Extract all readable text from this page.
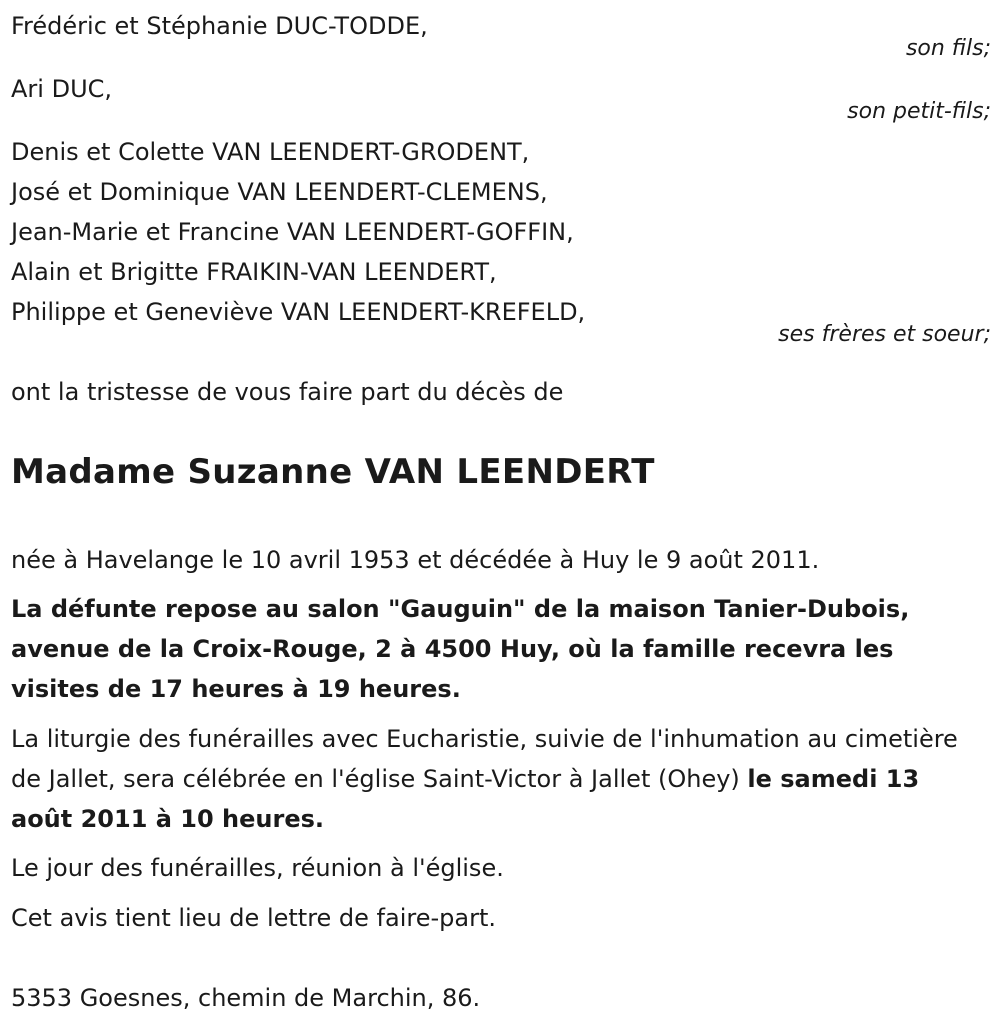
Frédéric et Stéphanie DUC-TODDE,
son fils;
Ari DUC,
son petit-fils;
Denis et Colette VAN LEENDERT-GRODENT,
José et Dominique VAN LEENDERT-CLEMENS,
Jean-Marie et Francine VAN LEENDERT-GOFFIN,
Alain et Brigitte FRAIKIN-VAN LEENDERT,
Philippe et Geneviève VAN LEENDERT-KREFELD,
ses frères et soeur;
ont la tristesse de vous faire part du décès de
Madame Suzanne VAN LEENDERT
née à Havelange le 10 avril 1953 et décédée à Huy le 9 août 2011.
La défunte repose au salon "Gauguin" de la maison Tanier-Dubois, avenue de la Croix-Rouge, 2 à 4500 Huy, où la famille recevra les visites de 17 heures à 19 heures.
La liturgie des funérailles avec Eucharistie, suivie de l'inhumation au cimetière de Jallet, sera célébrée en l'église Saint-Victor à Jallet (Ohey) le samedi 13 août 2011 à 10 heures.
Le jour des funérailles, réunion à l'église.
Cet avis tient lieu de lettre de faire-part.
5353 Goesnes, chemin de Marchin, 86.
